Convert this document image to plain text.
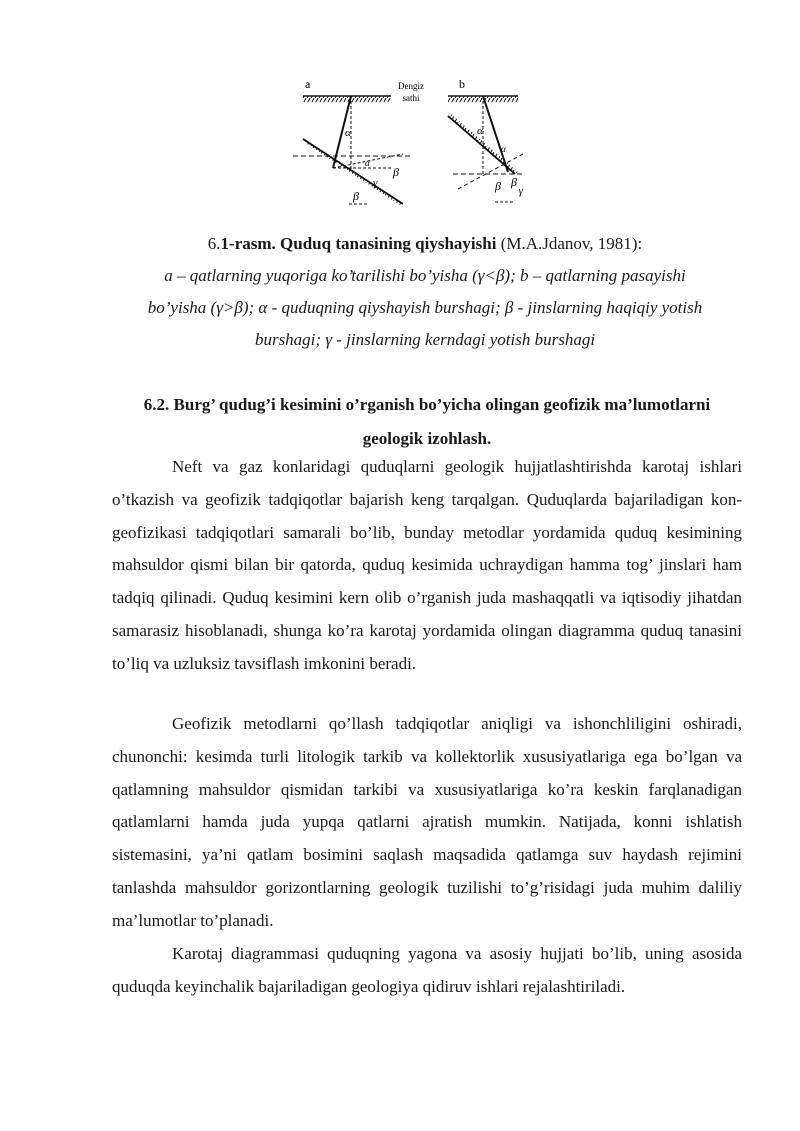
a	b
Dengiz
sathi
α
α
β
γ
β
α
α
β β
γ
6.1-rasm. Quduq tanasining qiyshayishi (M.A.Jdanov, 1981):
a – qatlarning yuqoriga ko’tarilishi bo’yisha (γ<β); b – qatlarning pasayishi
bo’yisha (γ>β); α - quduqning qiyshayish burshagi; β - jinslarning haqiqiy yotish
burshagi; γ - jinslarning kerndagi yotish burshagi
6.2. Burg’ qudug’i kesimini o’rganish bo’yicha olingan geofizik ma’lumotlarni
geologik izohlash.
Neft va gaz konlaridagi quduqlarni geologik hujjatlashtirishda karotaj ishlari o’tkazish va geofizik tadqiqotlar bajarish keng tarqalgan. Quduqlarda bajariladigan kon-geofizikasi tadqiqotlari samarali bo’lib, bunday metodlar yordamida quduq kesimining mahsuldor qismi bilan bir qatorda, quduq kesimida uchraydigan hamma tog’ jinslari ham tadqiq qilinadi. Quduq kesimini kern olib o’rganish juda mashaqqatli va iqtisodiy jihatdan samarasiz hisoblanadi, shunga ko’ra karotaj yordamida olingan diagramma quduq tanasini to’liq va uzluksiz tavsiflash imkonini beradi.
Geofizik metodlarni qo’llash tadqiqotlar aniqligi va ishonchliligini oshiradi, chunonchi: kesimda turli litologik tarkib va kollektorlik xususiyatlariga ega bo’lgan va qatlamning mahsuldor qismidan tarkibi va xususiyatlariga ko’ra keskin farqlanadigan qatlamlarni hamda juda yupqa qatlarni ajratish mumkin. Natijada, konni ishlatish sistemasini, ya’ni qatlam bosimini saqlash maqsadida qatlamga suv haydash rejimini tanlashda mahsuldor gorizontlarning geologik tuzilishi to’g’risidagi juda muhim daliliy ma’lumotlar to’planadi.
Karotaj diagrammasi quduqning yagona va asosiy hujjati bo’lib, uning asosida quduqda keyinchalik bajariladigan geologiya qidiruv ishlari rejalashtiriladi.
